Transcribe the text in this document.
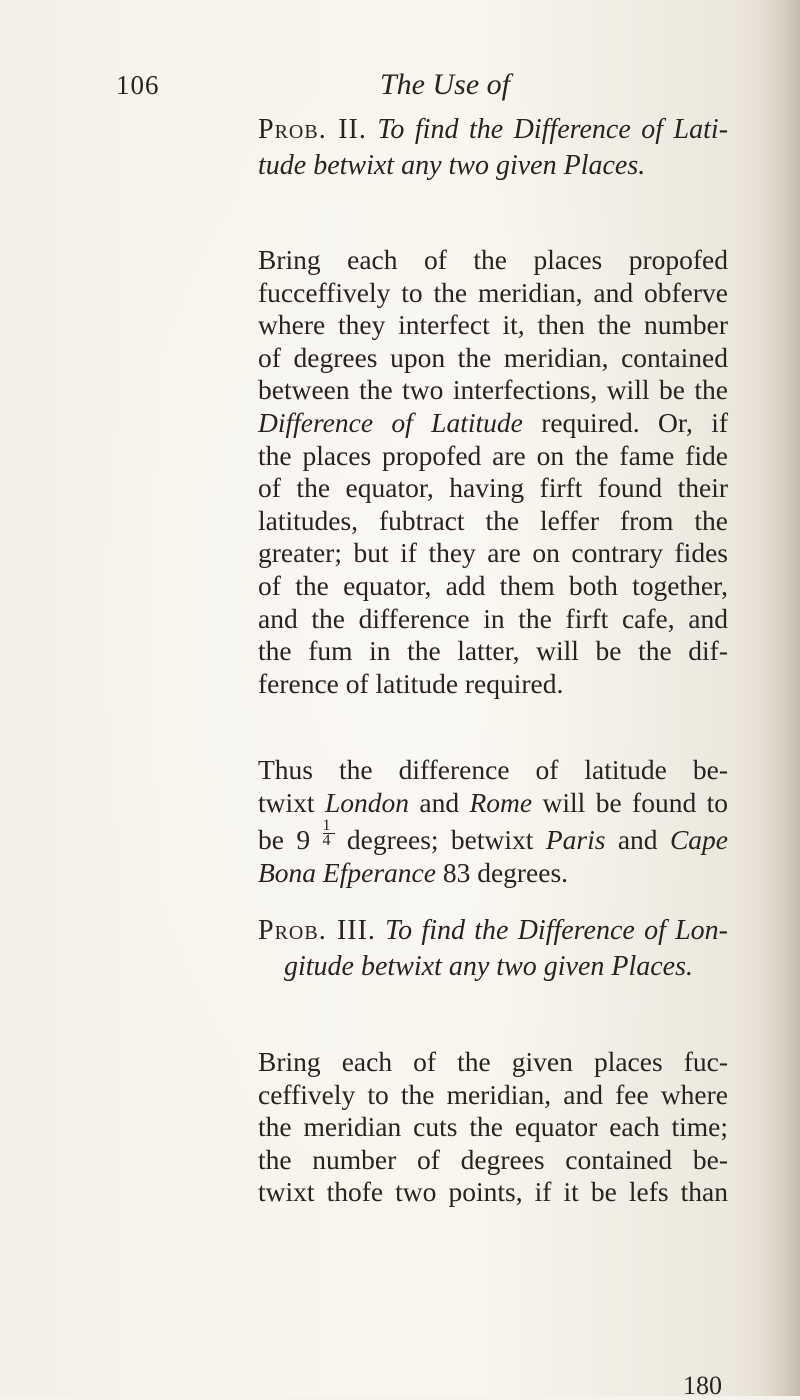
106	The Use of
Prob. II. To find the Difference of Lati-
tude betwixt any two given Places.
Bring each of the places propofed
fucceffively to the meridian, and obferve
where they interfect it, then the number
of degrees upon the meridian, contained
between the two interfections, will be the
Difference of Latitude required. Or, if
the places propofed are on the fame fide
of the equator, having firft found their
latitudes, fubtract the leffer from the
greater; but if they are on contrary fides
of the equator, add them both together,
and the difference in the firft cafe, and
the fum in the latter, will be the dif-
ference of latitude required.
Thus the difference of latitude be-
twixt London and Rome will be found to
be $9 \frac{1}{4}$ degrees; betwixt Paris and Cape
Bona Efperance 83 degrees.
Prob. III. To find the Difference of Lon-
gitude betwixt any two given Places.
Bring each of the given places fuc-
ceffively to the meridian, and fee where
the meridian cuts the equator each time;
the number of degrees contained be-
twixt thofe two points, if it be lefs than
180
